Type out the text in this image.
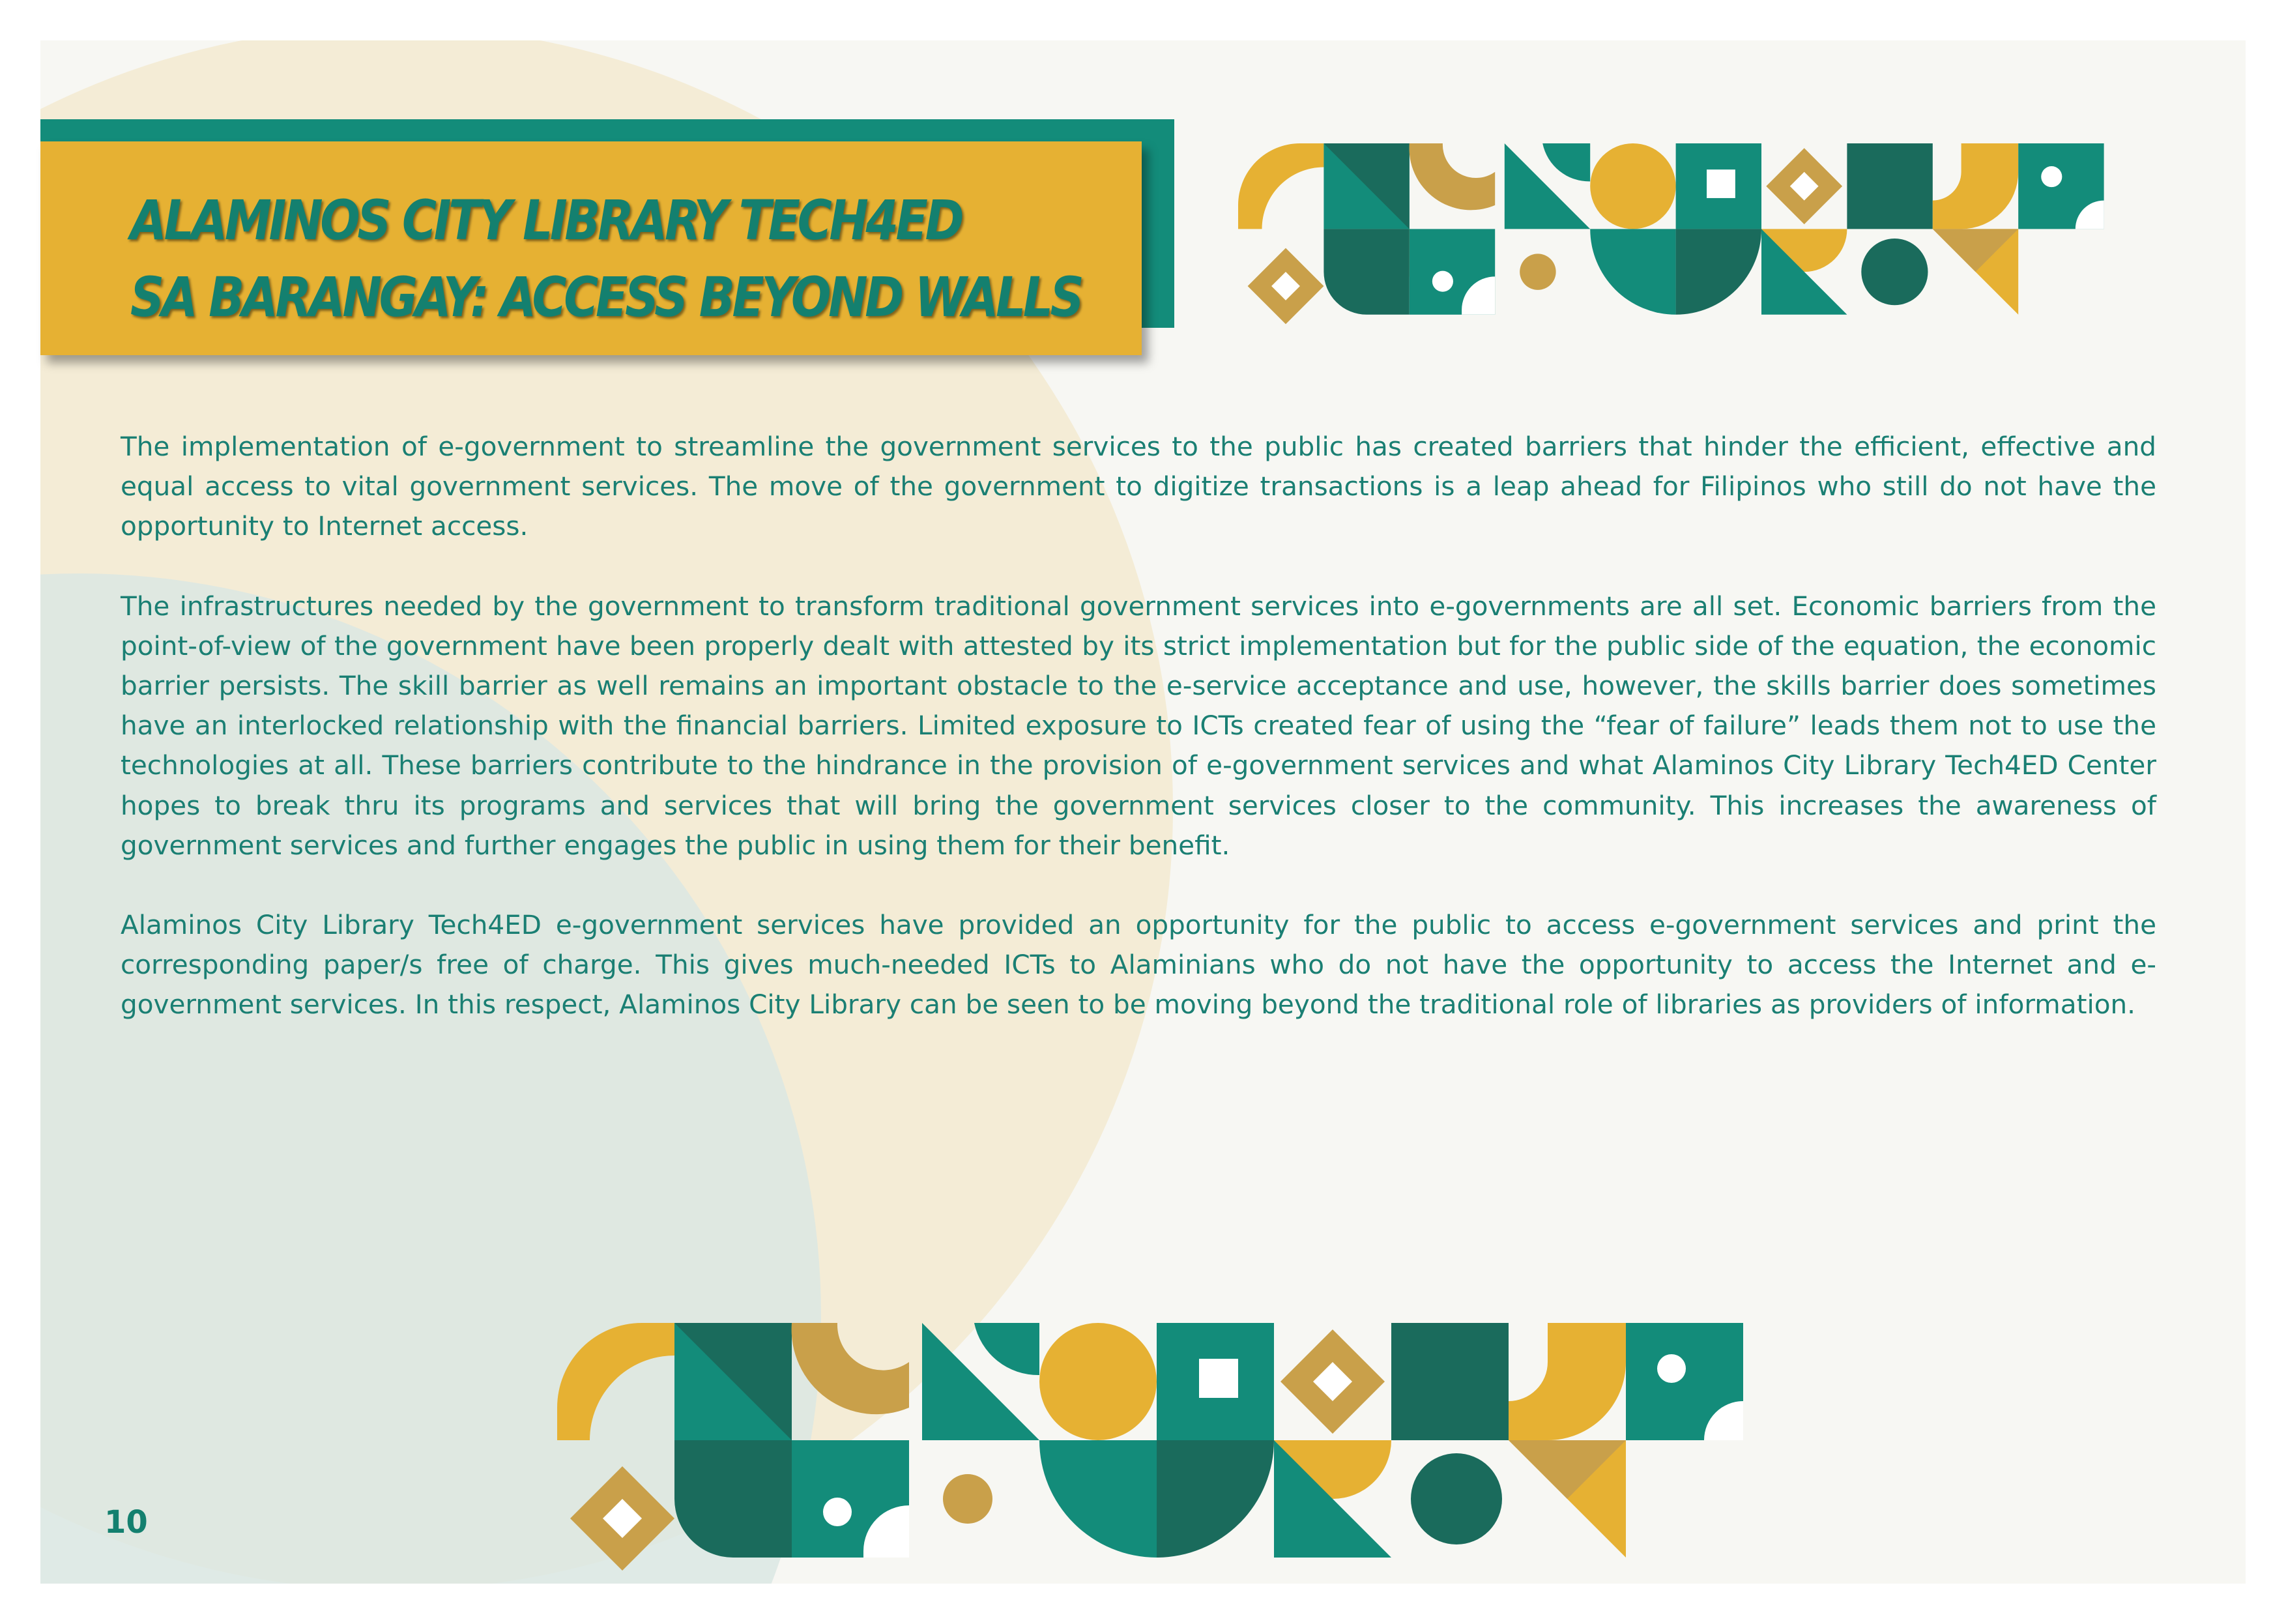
ALAMINOS CITY LIBRARY TECH4ED
SA BARANGAY: ACCESS BEYOND WALLS

The implementation of e-government to streamline the government services to the public has created barriers that hinder the efficient, effective and equal access to vital government services. The move of the government to digitize transactions is a leap ahead for Filipinos who still do not have the opportunity to Internet access.

The infrastructures needed by the government to transform traditional government services into e-governments are all set. Economic barriers from the point-of-view of the government have been properly dealt with attested by its strict implementation but for the public side of the equation, the economic barrier persists. The skill barrier as well remains an important obstacle to the e-service acceptance and use, however, the skills barrier does sometimes have an interlocked relationship with the financial barriers. Limited exposure to ICTs created fear of using the “fear of failure” leads them not to use the technologies at all. These barriers contribute to the hindrance in the provision of e-government services and what Alaminos City Library Tech4ED Center hopes to break thru its programs and services that will bring the government services closer to the community. This increases the awareness of government services and further engages the public in using them for their benefit.

Alaminos City Library Tech4ED e-government services have provided an opportunity for the public to access e-government services and print the corresponding paper/s free of charge. This gives much-needed ICTs to Alaminians who do not have the opportunity to access the Internet and e-government services. In this respect, Alaminos City Library can be seen to be moving beyond the traditional role of libraries as providers of information.

10
